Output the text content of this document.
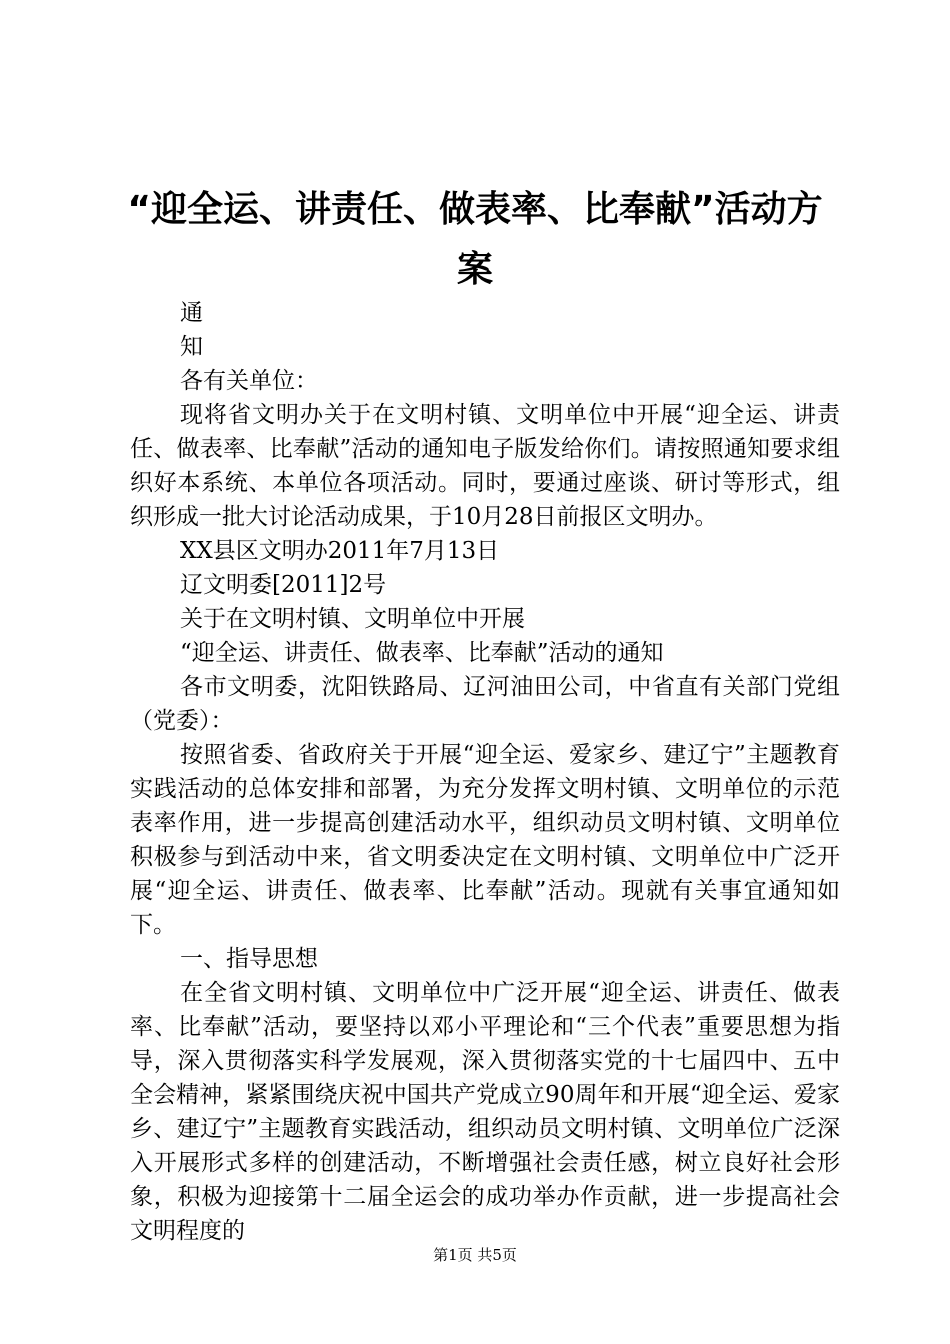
“迎全运、讲责任、做表率、比奉献”活动方案

通

知

各有关单位：

现将省文明办关于在文明村镇、文明单位中开展“迎全运、讲责任、做表率、比奉献”活动的通知电子版发给你们。请按照通知要求组织好本系统、本单位各项活动。同时，要通过座谈、研讨等形式，组织形成一批大讨论活动成果，于10月28日前报区文明办。

XX县区文明办2011年7月13日

辽文明委[2011]2号

关于在文明村镇、文明单位中开展

“迎全运、讲责任、做表率、比奉献”活动的通知

各市文明委，沈阳铁路局、辽河油田公司，中省直有关部门党组（党委）：

按照省委、省政府关于开展“迎全运、爱家乡、建辽宁”主题教育实践活动的总体安排和部署，为充分发挥文明村镇、文明单位的示范表率作用，进一步提高创建活动水平，组织动员文明村镇、文明单位积极参与到活动中来，省文明委决定在文明村镇、文明单位中广泛开展“迎全运、讲责任、做表率、比奉献”活动。现就有关事宜通知如下。

一、指导思想

在全省文明村镇、文明单位中广泛开展“迎全运、讲责任、做表率、比奉献”活动，要坚持以邓小平理论和“三个代表”重要思想为指导，深入贯彻落实科学发展观，深入贯彻落实党的十七届四中、五中全会精神，紧紧围绕庆祝中国共产党成立90周年和开展“迎全运、爱家乡、建辽宁”主题教育实践活动，组织动员文明村镇、文明单位广泛深入开展形式多样的创建活动，不断增强社会责任感，树立良好社会形象，积极为迎接第十二届全运会的成功举办作贡献，进一步提高社会文明程度的

第1页 共5页
